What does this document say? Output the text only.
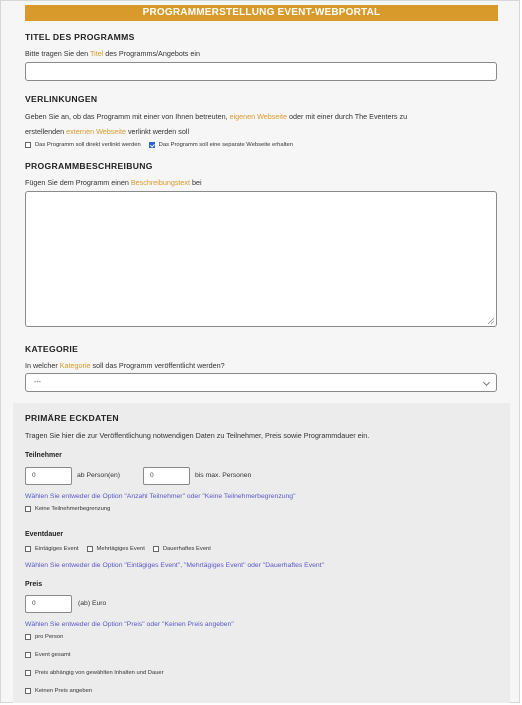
PROGRAMMERSTELLUNG EVENT-WEBPORTAL
TITEL DES PROGRAMMS
Bitte tragen Sie den Titel des Programms/Angebots ein
VERLINKUNGEN
Geben Sie an, ob das Programm mit einer von Ihnen betreuten, eigenen Webseite oder mit einer durch The Eventers zu
erstellenden externen Webseite verlinkt werden soll
Das Programm soll direkt verlinkt werden	Das Programm soll eine separate Webseite erhalten
PROGRAMMBESCHREIBUNG
Fügen Sie dem Programm einen Beschreibungstext bei
KATEGORIE
In welcher Kategorie soll das Programm veröffentlicht werden?
---
PRIMÄRE ECKDATEN
Tragen Sie hier die zur Veröffentlichung notwendigen Daten zu Teilnehmer, Preis sowie Programmdauer ein.
Teilnehmer
0	ab Person(en)	0	bis max. Personen
Wählen Sie entweder die Option "Anzahl Teilnehmer" oder "Keine Teilnehmerbegrenzung"
Keine Teilnehmerbegrenzung
Eventdauer
Eintägiges Event	Mehrtägiges Event	Dauerhaftes Event
Wählen Sie entweder die Option "Eintägiges Event", "Mehrtägiges Event" oder "Dauerhaftes Event"
Preis
0	(ab) Euro
Wählen Sie entweder die Option "Preis" oder "Keinen Preis angeben"
pro Person
Event gesamt
Preis abhängig von gewählten Inhalten und Dauer
Keinen Preis angeben
